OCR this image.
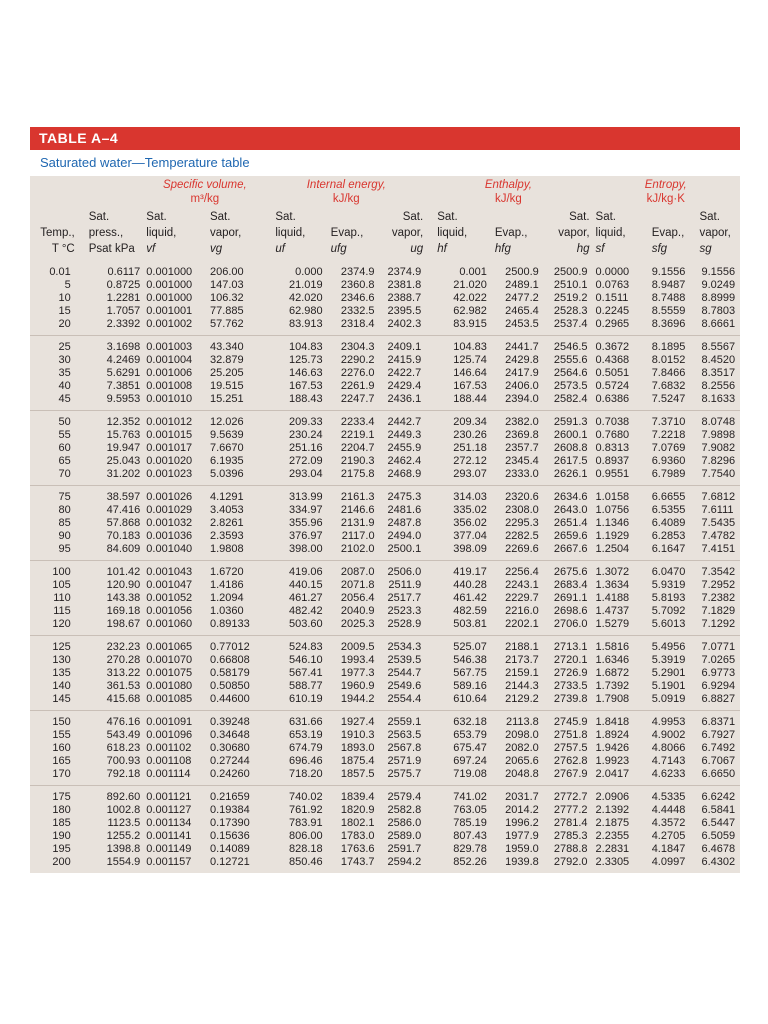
TABLE A–4
Saturated water—Temperature table
		Specific volume,		Internal energy,			Enthalpy,			Entropy,		
		m³/kg		kJ/kg			kJ/kg			kJ/kg·K		
	Sat.	Sat.	Sat.	Sat.		Sat.	Sat.		Sat.	Sat.		Sat.
Temp.,	press.,	liquid,	vapor,	liquid,	Evap.,	vapor,	liquid,	Evap.,	vapor,	liquid,	Evap.,	vapor,
T °C	Psat kPa	vf	vg	uf	ufg	ug	hf	hfg	hg	sf	sfg	sg
0.01	0.6117	0.001000	206.00	0.000	2374.9	2374.9	0.001	2500.9	2500.9	0.0000	9.1556	9.1556
5	0.8725	0.001000	147.03	21.019	2360.8	2381.8	21.020	2489.1	2510.1	0.0763	8.9487	9.0249
10	1.2281	0.001000	106.32	42.020	2346.6	2388.7	42.022	2477.2	2519.2	0.1511	8.7488	8.8999
15	1.7057	0.001001	77.885	62.980	2332.5	2395.5	62.982	2465.4	2528.3	0.2245	8.5559	8.7803
20	2.3392	0.001002	57.762	83.913	2318.4	2402.3	83.915	2453.5	2537.4	0.2965	8.3696	8.6661
25	3.1698	0.001003	43.340	104.83	2304.3	2409.1	104.83	2441.7	2546.5	0.3672	8.1895	8.5567
30	4.2469	0.001004	32.879	125.73	2290.2	2415.9	125.74	2429.8	2555.6	0.4368	8.0152	8.4520
35	5.6291	0.001006	25.205	146.63	2276.0	2422.7	146.64	2417.9	2564.6	0.5051	7.8466	8.3517
40	7.3851	0.001008	19.515	167.53	2261.9	2429.4	167.53	2406.0	2573.5	0.5724	7.6832	8.2556
45	9.5953	0.001010	15.251	188.43	2247.7	2436.1	188.44	2394.0	2582.4	0.6386	7.5247	8.1633
50	12.352	0.001012	12.026	209.33	2233.4	2442.7	209.34	2382.0	2591.3	0.7038	7.3710	8.0748
55	15.763	0.001015	9.5639	230.24	2219.1	2449.3	230.26	2369.8	2600.1	0.7680	7.2218	7.9898
60	19.947	0.001017	7.6670	251.16	2204.7	2455.9	251.18	2357.7	2608.8	0.8313	7.0769	7.9082
65	25.043	0.001020	6.1935	272.09	2190.3	2462.4	272.12	2345.4	2617.5	0.8937	6.9360	7.8296
70	31.202	0.001023	5.0396	293.04	2175.8	2468.9	293.07	2333.0	2626.1	0.9551	6.7989	7.7540
75	38.597	0.001026	4.1291	313.99	2161.3	2475.3	314.03	2320.6	2634.6	1.0158	6.6655	7.6812
80	47.416	0.001029	3.4053	334.97	2146.6	2481.6	335.02	2308.0	2643.0	1.0756	6.5355	7.6111
85	57.868	0.001032	2.8261	355.96	2131.9	2487.8	356.02	2295.3	2651.4	1.1346	6.4089	7.5435
90	70.183	0.001036	2.3593	376.97	2117.0	2494.0	377.04	2282.5	2659.6	1.1929	6.2853	7.4782
95	84.609	0.001040	1.9808	398.00	2102.0	2500.1	398.09	2269.6	2667.6	1.2504	6.1647	7.4151
100	101.42	0.001043	1.6720	419.06	2087.0	2506.0	419.17	2256.4	2675.6	1.3072	6.0470	7.3542
105	120.90	0.001047	1.4186	440.15	2071.8	2511.9	440.28	2243.1	2683.4	1.3634	5.9319	7.2952
110	143.38	0.001052	1.2094	461.27	2056.4	2517.7	461.42	2229.7	2691.1	1.4188	5.8193	7.2382
115	169.18	0.001056	1.0360	482.42	2040.9	2523.3	482.59	2216.0	2698.6	1.4737	5.7092	7.1829
120	198.67	0.001060	0.89133	503.60	2025.3	2528.9	503.81	2202.1	2706.0	1.5279	5.6013	7.1292
125	232.23	0.001065	0.77012	524.83	2009.5	2534.3	525.07	2188.1	2713.1	1.5816	5.4956	7.0771
130	270.28	0.001070	0.66808	546.10	1993.4	2539.5	546.38	2173.7	2720.1	1.6346	5.3919	7.0265
135	313.22	0.001075	0.58179	567.41	1977.3	2544.7	567.75	2159.1	2726.9	1.6872	5.2901	6.9773
140	361.53	0.001080	0.50850	588.77	1960.9	2549.6	589.16	2144.3	2733.5	1.7392	5.1901	6.9294
145	415.68	0.001085	0.44600	610.19	1944.2	2554.4	610.64	2129.2	2739.8	1.7908	5.0919	6.8827
150	476.16	0.001091	0.39248	631.66	1927.4	2559.1	632.18	2113.8	2745.9	1.8418	4.9953	6.8371
155	543.49	0.001096	0.34648	653.19	1910.3	2563.5	653.79	2098.0	2751.8	1.8924	4.9002	6.7927
160	618.23	0.001102	0.30680	674.79	1893.0	2567.8	675.47	2082.0	2757.5	1.9426	4.8066	6.7492
165	700.93	0.001108	0.27244	696.46	1875.4	2571.9	697.24	2065.6	2762.8	1.9923	4.7143	6.7067
170	792.18	0.001114	0.24260	718.20	1857.5	2575.7	719.08	2048.8	2767.9	2.0417	4.6233	6.6650
175	892.60	0.001121	0.21659	740.02	1839.4	2579.4	741.02	2031.7	2772.7	2.0906	4.5335	6.6242
180	1002.8	0.001127	0.19384	761.92	1820.9	2582.8	763.05	2014.2	2777.2	2.1392	4.4448	6.5841
185	1123.5	0.001134	0.17390	783.91	1802.1	2586.0	785.19	1996.2	2781.4	2.1875	4.3572	6.5447
190	1255.2	0.001141	0.15636	806.00	1783.0	2589.0	807.43	1977.9	2785.3	2.2355	4.2705	6.5059
195	1398.8	0.001149	0.14089	828.18	1763.6	2591.7	829.78	1959.0	2788.8	2.2831	4.1847	6.4678
200	1554.9	0.001157	0.12721	850.46	1743.7	2594.2	852.26	1939.8	2792.0	2.3305	4.0997	6.4302
